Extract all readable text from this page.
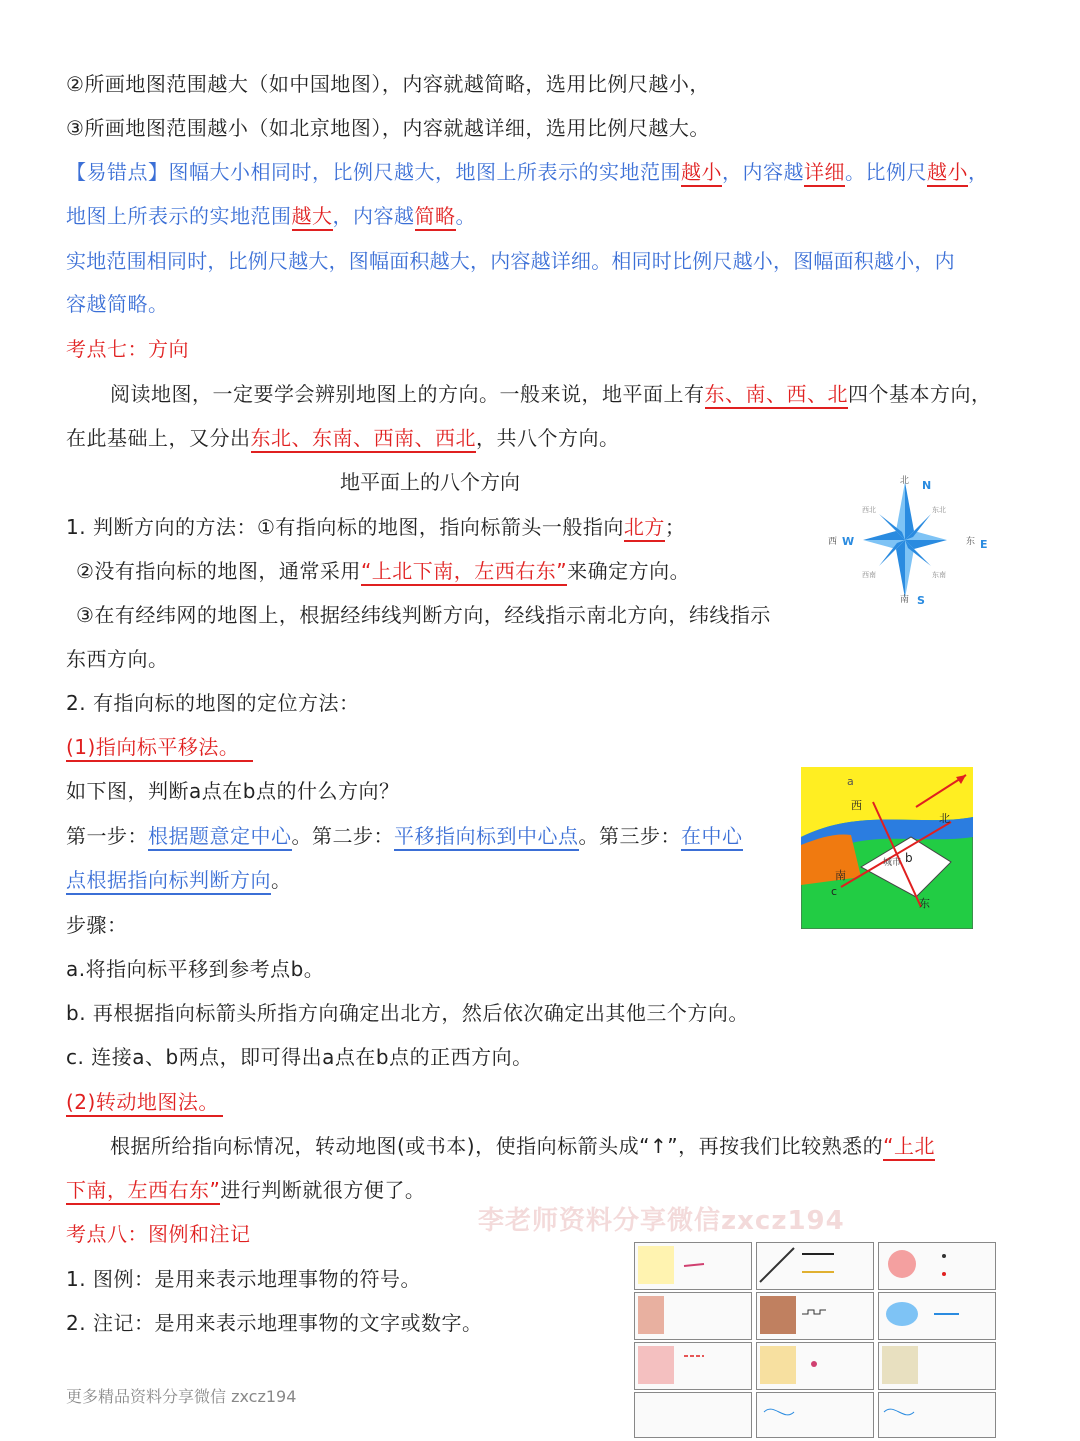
②所画地图范围越大（如中国地图），内容就越简略，选用比例尺越小，
③所画地图范围越小（如北京地图），内容就越详细，选用比例尺越大。
【易错点】图幅大小相同时，比例尺越大，地图上所表示的实地范围越小，内容越详细。比例尺越小，
地图上所表示的实地范围越大，内容越简略。
实地范围相同时，比例尺越大，图幅面积越大，内容越详细。相同时比例尺越小，图幅面积越小，内
容越简略。
考点七：方向
阅读地图，一定要学会辨别地图上的方向。一般来说，地平面上有东、南、西、北四个基本方向，
在此基础上，又分出东北、东南、西南、西北，共八个方向。
地平面上的八个方向
1. 判断方向的方法：①有指向标的地图，指向标箭头一般指向北方；
②没有指向标的地图，通常采用“上北下南，左西右东”来确定方向。
③在有经纬网的地图上，根据经纬线判断方向，经线指示南北方向，纬线指示
东西方向。
2. 有指向标的地图的定位方法：
(1)指向标平移法。
如下图，判断a点在b点的什么方向？
第一步：根据题意定中心。第二步：平移指向标到中心点。第三步：在中心
点根据指向标判断方向。
步骤：
a.将指向标平移到参考点b。
b. 再根据指向标箭头所指方向确定出北方，然后依次确定出其他三个方向。
c. 连接a、b两点，即可得出a点在b点的正西方向。
(2)转动地图法。
根据所给指向标情况，转动地图(或书本)，使指向标箭头成“↑”，再按我们比较熟悉的“上北
下南，左西右东”进行判断就很方便了。
李老师资料分享微信zxcz194
考点八：图例和注记
1. 图例：是用来表示地理事物的符号。
2. 注记：是用来表示地理事物的文字或数字。
更多精品资料分享微信 zxcz194
北 N
南 S
西 W	东 E
西北	东北
西南	东南
a
b
c
西
北
南
东
城市
